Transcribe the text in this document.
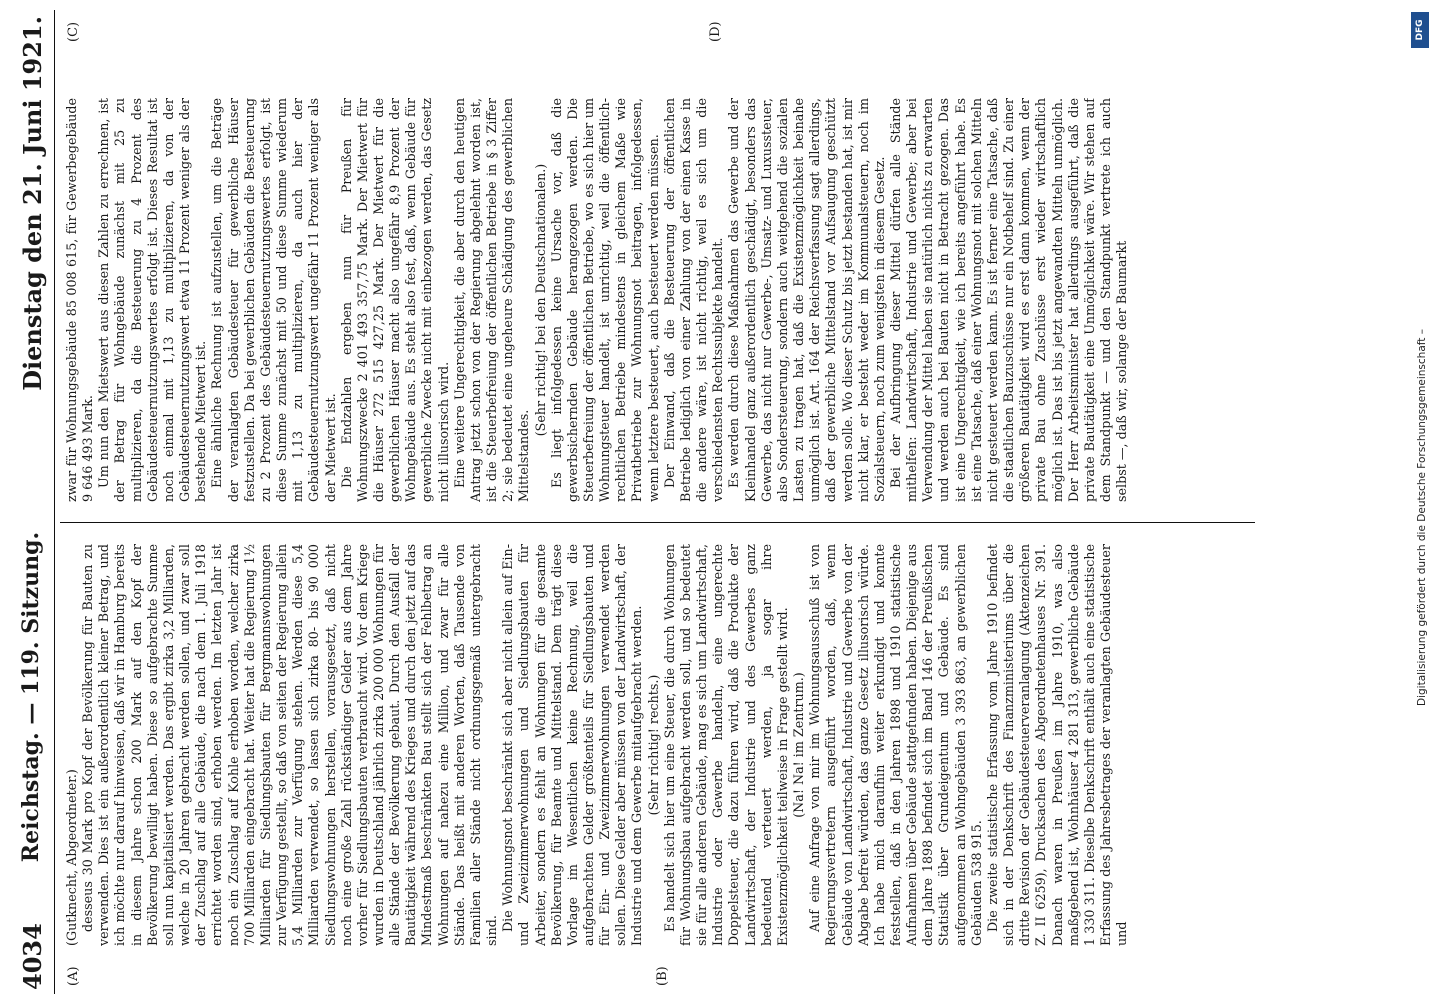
4034
Reichstag. — 119. Sitzung.
Dienstag den 21. Juni 1921.
(A)	(B)
(C)	(D)

(Gutknecht, Abgeordneter.) desseus 30 Mark pro Kopf der Bevölkerung für Bauten zu verwenden. Dies ist ein außerordentlich kleiner Betrag, und ich möchte nur darauf hinweisen, daß wir in Hamburg bereits in diesem Jahre schon 200 Mark auf den Kopf der Bevölkerung bewilligt haben. Diese so aufgebrachte Summe soll nun kapitalisiert werden. Das ergibt zirka 3,2 Milliarden, welche in 20 Jahren gebracht werden sollen, und zwar soll der Zuschlag auf alle Gebäude, die nach dem 1. Juli 1918 errichtet worden sind, erhoben werden. Im letzten Jahr ist noch ein Zuschlag auf Kohle erhoben worden, welcher zirka 700 Milliarden eingebracht hat. Weiter hat die Regierung 1½ Milliarden für Siedlungsbauten für Bergmannswohnungen zur Verfügung gestellt, so daß von seiten der Regierung allein 5,4 Milliarden zur Verfügung stehen. Werden diese 5,4 Milliarden verwendet, so lassen sich zirka 80- bis 90 000 Siedlungswohnungen herstellen, vorausgesetzt, daß nicht noch eine große Zahl rückständiger Gelder aus dem Jahre vorher für Siedlungsbauten verbraucht wird. Vor dem Kriege wurden in Deutschland jährlich zirka 200 000 Wohnungen für alle Stände der Bevölkerung gebaut. Durch den Ausfall der Bautätigkeit während des Krieges und durch den jetzt auf das Mindestmaß beschränkten Bau stellt sich der Fehlbetrag an Wohnungen auf nahezu eine Million, und zwar für alle Stände. Das heißt mit anderen Worten, daß Tausende von Familien aller Stände nicht ordnungsgemäß untergebracht sind. Die Wohnungsnot beschränkt sich aber nicht allein auf Ein- und Zweizimmerwohnungen und Siedlungsbauten für Arbeiter, sondern es fehlt an Wohnungen für die gesamte Bevölkerung, für Beamte und Mittelstand. Dem trägt diese Vorlage im Wesentlichen keine Rechnung, weil die aufgebrachten Gelder größtenteils für Siedlungsbauten und für Ein- und Zweizimmerwohnungen verwendet werden sollen. Diese Gelder aber müssen von der Landwirtschaft, der Industrie und dem Gewerbe mitaufgebracht werden. (Sehr richtig! rechts.) Es handelt sich hier um eine Steuer, die durch Wohnungen für Wohnungsbau aufgebracht werden soll, und so bedeutet sie für alle anderen Gebäude, mag es sich um Landwirtschaft, Industrie oder Gewerbe handeln, eine ungerechte Doppelsteuer, die dazu führen wird, daß die Produkte der Landwirtschaft, der Industrie und des Gewerbes ganz bedeutend verteuert werden, ja sogar ihre Existenzmöglichkeit teilweise in Frage gestellt wird. (Na! Na! im Zentrum.) Auf eine Anfrage von mir im Wohnungsausschuß ist von Regierungsvertretern ausgeführt worden, daß, wenn Gebäude von Landwirtschaft, Industrie und Gewerbe von der Abgabe befreit würden, das ganze Gesetz illusorisch würde. Ich habe mich daraufhin weiter erkundigt und konnte feststellen, daß in den Jahren 1898 und 1910 statistische Aufnahmen über Gebäude stattgefunden haben. Diejenige aus dem Jahre 1898 befindet sich im Band 146 der Preußischen Statistik über Grundeigentum und Gebäude. Es sind aufgenommen an Wohngebäuden 3 393 863, an gewerblichen Gebäuden 538 915. Die zweite statistische Erfassung vom Jahre 1910 befindet sich in der Denkschrift des Finanzministeriums über die dritte Revision der Gebäudesteuerveranlagung (Aktenzeichen Z. II 6259), Drucksachen des Abgeordnetenhauses Nr. 391. Danach waren in Preußen im Jahre 1910, was also maßgebend ist, Wohnhäuser 4 281 313, gewerbliche Gebäude 1 330 311. Dieselbe Denkschrift enthält auch eine statistische Erfassung des Jahresbetrages der veranlagten Gebäudesteuer und

zwar für Wohnungsgebäude 85 008 615, für Gewerbegebäude 9 646 493 Mark. Um nun den Mietswert aus diesen Zahlen zu errechnen, ist der Betrag für Wohngebäude zunächst mit 25 zu multiplizieren, da die Besteuerung zu 4 Prozent des Gebäudesteuernutzungswertes erfolgt ist. Dieses Resultat ist noch einmal mit 1,13 zu multiplizieren, da von der Gebäudesteuernutzungswert etwa 11 Prozent weniger als der bestehende Mietwert ist. Eine ähnliche Rechnung ist aufzustellen, um die Beträge der veranlagten Gebäudesteuer für gewerbliche Häuser festzustellen. Da bei gewerblichen Gebäuden die Besteuerung zu 2 Prozent des Gebäudesteuernutzungswertes erfolgt, ist diese Summe zunächst mit 50 und diese Summe wiederum mit 1,13 zu multiplizieren, da auch hier der Gebäudesteuernutzungswert ungefähr 11 Prozent weniger als der Mietwert ist. Die Endzahlen ergeben nun für Preußen für Wohnungszwecke 2 401 493 357,75 Mark. Der Mietwert für die Häuser 272 515 427,25 Mark. Der Mietwert für die gewerblichen Häuser macht also ungefähr 8,9 Prozent der Wohngebäude aus. Es steht also fest, daß, wenn Gebäude für gewerbliche Zwecke nicht mit einbezogen werden, das Gesetz nicht illusorisch wird. Eine weitere Ungerechtigkeit, die aber durch den heutigen Antrag jetzt schon von der Regierung abgelehnt worden ist, ist die Steuerbefreiung der öffentlichen Betriebe in § 3 Ziffer 2; sie bedeutet eine ungeheure Schädigung des gewerblichen Mittelstandes.

(Sehr richtig! bei den Deutschnationalen.) Es liegt infolgedessen keine Ursache vor, daß die gewerbsichernden Gebäude herangezogen werden. Die Steuerbefreiung der öffentlichen Betriebe, wo es sich hier um Wohnungsteuer handelt, ist unrichtig, weil die öffentlich-rechtlichen Betriebe mindestens in gleichem Maße wie Privatbetriebe zur Wohnungsnot beitragen, infolgedessen, wenn letztere besteuert, auch besteuert werden müssen. Der Einwand, daß die Besteuerung der öffentlichen Betriebe lediglich von einer Zahlung von der einen Kasse in die andere wäre, ist nicht richtig, weil es sich um die verschiedensten Rechtssubjekte handelt. Es werden durch diese Maßnahmen das Gewerbe und der Kleinhandel ganz außerordentlich geschädigt, besonders das Gewerbe, das nicht nur Gewerbe-, Umsatz- und Luxussteuer, also Sondersteuerung, sondern auch weitgehend die sozialen Lasten zu tragen hat, daß die Existenzmöglichkeit beinahe unmöglich ist. Art. 164 der Reichsverfassung sagt allerdings, daß der gewerbliche Mittelstand vor Aufsaugung geschützt werden solle. Wo dieser Schutz bis jetzt bestanden hat, ist mir nicht klar, er besteht weder im Kommunalsteuern, noch im Sozialsteuern, noch zum wenigsten in diesem Gesetz. Bei der Aufbringung dieser Mittel dürfen alle Stände mithelfen: Landwirtschaft, Industrie und Gewerbe; aber bei Verwendung der Mittel haben sie natürlich nichts zu erwarten und werden auch bei Bauten nicht in Betracht gezogen. Das ist eine Ungerechtigkeit, wie ich bereits angeführt habe. Es ist eine Tatsache, daß einer Wohnungsnot mit solchen Mitteln nicht gesteuert werden kann. Es ist ferner eine Tatsache, daß die staatlichen Bauzuschüsse nur ein Notbehelf sind. Zu einer größeren Bautätigkeit wird es erst dann kommen, wenn der private Bau ohne Zuschüsse erst wieder wirtschaftlich möglich ist. Das ist bis jetzt angewandten Mitteln unmöglich. Der Herr Arbeitsminister hat allerdings ausgeführt, daß die private Bautätigkeit eine Unmöglichkeit wäre. Wir stehen auf dem Standpunkt — und den Standpunkt vertrete ich auch selbst —, daß wir, solange der Baumarkt

DFG
Digitalisierung gefördert durch die Deutsche Forschungsgemeinschaft –
